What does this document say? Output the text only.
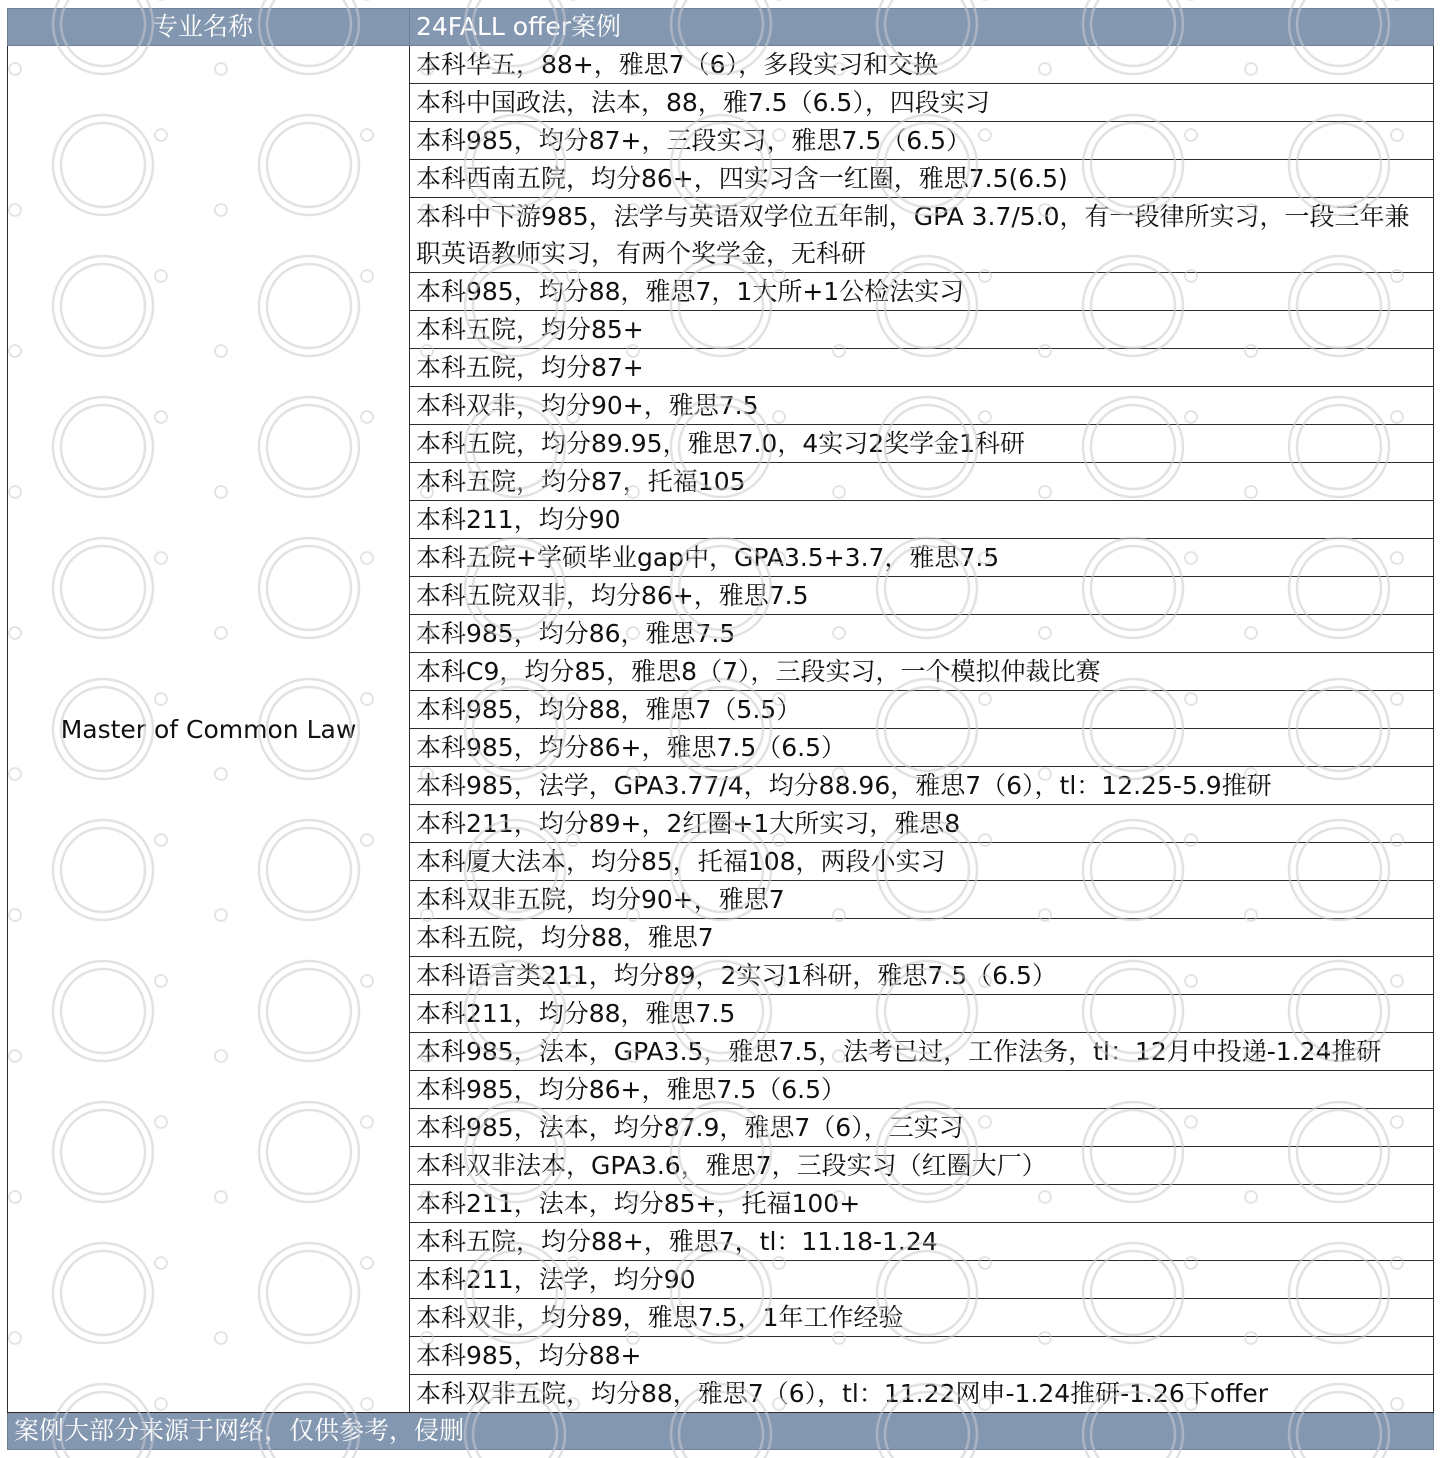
专业名称	24FALL offer案例
Master of Common Law	本科华五，88+，雅思7（6），多段实习和交换
	本科中国政法，法本，88，雅7.5（6.5），四段实习
	本科985，均分87+，三段实习，雅思7.5（6.5）
	本科西南五院，均分86+，四实习含一红圈，雅思7.5(6.5)
	本科中下游985，法学与英语双学位五年制，GPA 3.7/5.0，有一段律所实习，一段三年兼职英语教师实习，有两个奖学金，无科研
	本科985，均分88，雅思7，1大所+1公检法实习
	本科五院，均分85+
	本科五院，均分87+
	本科双非，均分90+，雅思7.5
	本科五院，均分89.95，雅思7.0，4实习2奖学金1科研
	本科五院，均分87，托福105
	本科211，均分90
	本科五院+学硕毕业gap中，GPA3.5+3.7，雅思7.5
	本科五院双非，均分86+，雅思7.5
	本科985，均分86，雅思7.5
	本科C9，均分85，雅思8（7），三段实习，一个模拟仲裁比赛
	本科985，均分88，雅思7（5.5）
	本科985，均分86+，雅思7.5（6.5）
	本科985，法学，GPA3.77/4，均分88.96，雅思7（6），tl：12.25-5.9推研
	本科211，均分89+，2红圈+1大所实习，雅思8
	本科厦大法本，均分85，托福108，两段小实习
	本科双非五院，均分90+，雅思7
	本科五院，均分88，雅思7
	本科语言类211，均分89，2实习1科研，雅思7.5（6.5）
	本科211，均分88，雅思7.5
	本科985，法本，GPA3.5，雅思7.5，法考已过，工作法务，tl：12月中投递-1.24推研
	本科985，均分86+，雅思7.5（6.5）
	本科985，法本，均分87.9，雅思7（6），三实习
	本科双非法本，GPA3.6，雅思7，三段实习（红圈大厂）
	本科211，法本，均分85+，托福100+
	本科五院，均分88+，雅思7，tl：11.18-1.24
	本科211，法学，均分90
	本科双非，均分89，雅思7.5，1年工作经验
	本科985，均分88+
	本科双非五院，均分88，雅思7（6），tl：11.22网申-1.24推研-1.26下offer
案例大部分来源于网络，仅供参考，侵删	
